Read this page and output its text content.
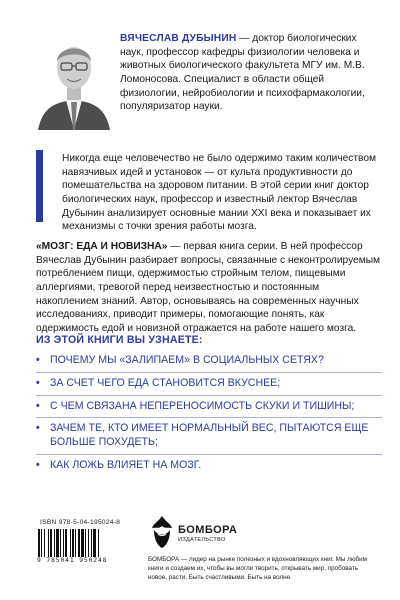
ВЯЧЕСЛАВ ДУБЫНИН — доктор биологических наук, профессор кафедры физиологии человека и животных биологического факультета МГУ им. М.В. Ломоносова. Специалист в области общей физиологии, нейробиологии и психофармакологии, популяризатор науки.
Никогда еще человечество не было одержимо таким количеством навязчивых идей и установок — от культа продуктивности до помешательства на здоровом питании. В этой серии книг доктор биологических наук, профессор и известный лектор Вячеслав Дубынин анализирует основные мании XXI века и показывает их механизмы с точки зрения работы мозга.
«МОЗГ: ЕДА И НОВИЗНА» — первая книга серии. В ней профессор Вячеслав Дубынин разбирает вопросы, связанные с неконтролируемым потреблением пищи, одержимостью стройным телом, пищевыми аллергиями, тревогой перед неизвестностью и постоянным накоплением знаний. Автор, основываясь на современных научных исследованиях, приводит примеры, помогающие понять, как одержимость едой и новизной отражается на работе нашего мозга.
ИЗ ЭТОЙ КНИГИ ВЫ УЗНАЕТЕ:
• ПОЧЕМУ МЫ «ЗАЛИПАЕМ» В СОЦИАЛЬНЫХ СЕТЯХ?
• ЗА СЧЕТ ЧЕГО ЕДА СТАНОВИТСЯ ВКУСНЕЕ;
• С ЧЕМ СВЯЗАНА НЕПЕРЕНОСИМОСТЬ СКУКИ И ТИШИНЫ;
• ЗАЧЕМ ТЕ, КТО ИМЕЕТ НОРМАЛЬНЫЙ ВЕС, ПЫТАЮТСЯ ЕЩЕ БОЛЬШЕ ПОХУДЕТЬ;
• КАК ЛОЖЬ ВЛИЯЕТ НА МОЗГ.
ISBN 978-5-04-195024-8
9 785041 950248
БОМБОРА
ИЗДАТЕЛЬСТВО
БОМБОРА — лидер на рынке полезных и вдохновляющих книг. Мы любим книги и создаем их, чтобы вы могли творить, открывать мир, пробовать новое, расти. Быть счастливыми. Быть на волне.
